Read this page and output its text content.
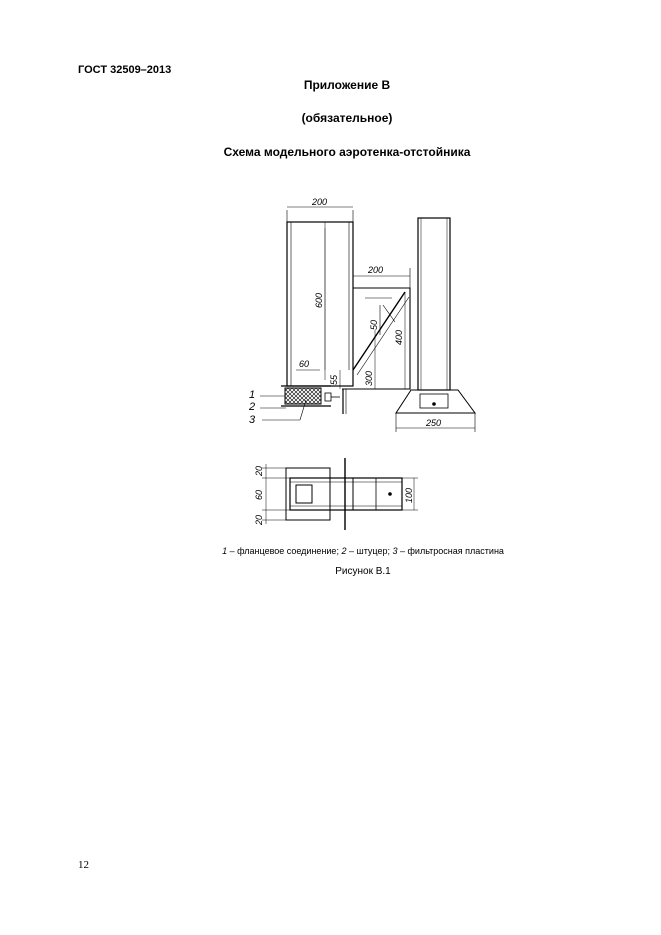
ГОСТ 32509–2013
Приложение В
(обязательное)
Схема модельного аэротенка-отстойника
200
200
600
50
400
60
55	300
250
1
2
3
20
60
20
100
1 – фланцевое соединение; 2 – штуцер; 3 – фильтросная пластина
Рисунок В.1
12
